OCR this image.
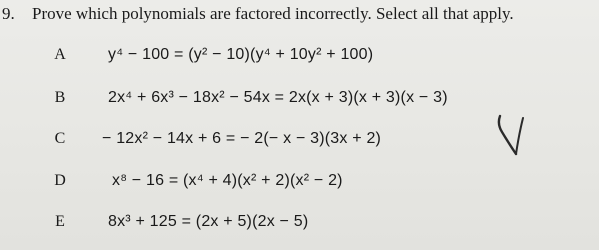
9. Prove which polynomials are factored incorrectly. Select all that apply.
A	y⁴ − 100 = (y² − 10)(y⁴ + 10y² + 100)
B	2x⁴ + 6x³ − 18x² − 54x = 2x(x + 3)(x + 3)(x − 3)
C − 12x² − 14x + 6 = − 2(− x − 3)(3x + 2)
D	x⁸ − 16 = (x⁴ + 4)(x² + 2)(x² − 2)
E	8x³ + 125 = (2x + 5)(2x − 5)
